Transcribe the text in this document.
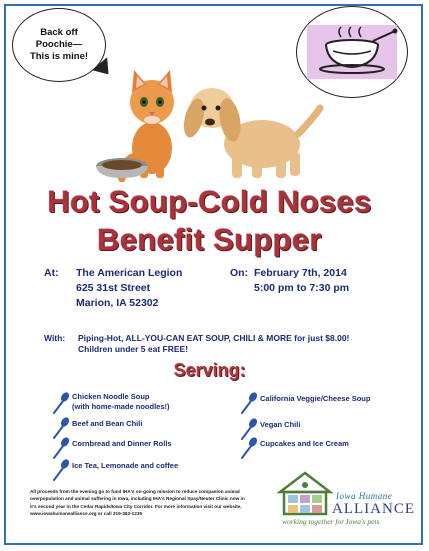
Back off
Poochie—
This is mine!
Hot Soup-Cold Noses
Benefit Supper
At: The American Legion
625 31st Street
Marion, IA 52302
On: February 7th, 2014
5:00 pm to 7:30 pm
With: Piping-Hot, ALL-YOU-CAN EAT SOUP, CHILI & MORE for just $8.00!
Children under 5 eat FREE!
Serving:
Chicken Noodle Soup
(with home-made noodles!)
Beef and Bean Chili
Cornbread and Dinner Rolls
Ice Tea, Lemonade and coffee
California Veggie/Cheese Soup
Vegan Chili
Cupcakes and Ice Cream
All proceeds from the evening go to fund IHA's on-going mission to reduce companion animal
overpopulation and animal suffering in Iowa, including IHA's Regional Spay/Neuter Clinic now in
it's second year in the Cedar Rapids/Iowa City Corridor. For more information visit our website,
www.iowahumanealliance.org or call 319-363-1235
Iowa Humane
ALLIANCE
working together for Iowa's pets
